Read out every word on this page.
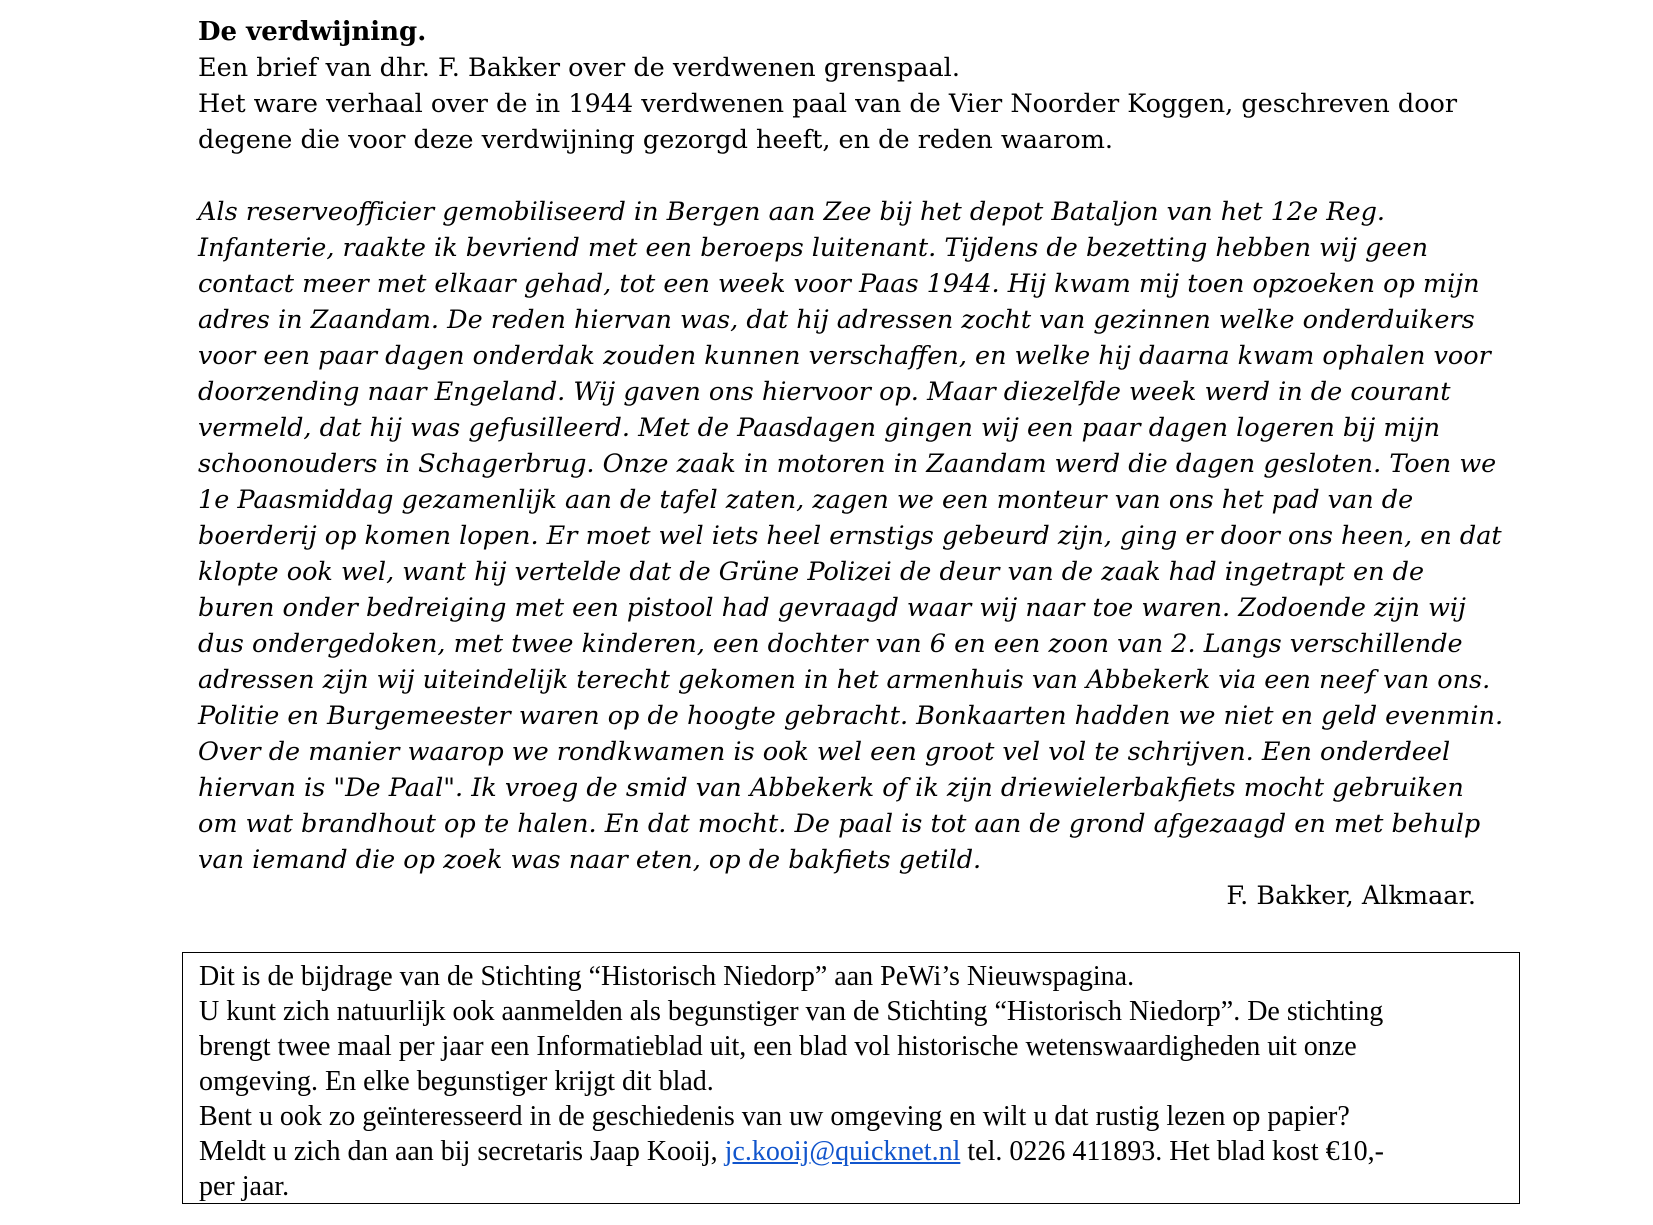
De verdwijning.

Een brief van dhr. F. Bakker over de verdwenen grenspaal.

Het ware verhaal over de in 1944 verdwenen paal van de Vier Noorder Koggen, geschreven door

degene die voor deze verdwijning gezorgd heeft, en de reden waarom.

Als reserveofficier gemobiliseerd in Bergen aan Zee bij het depot Bataljon van het 12e Reg.
Infanterie, raakte ik bevriend met een beroeps luitenant. Tijdens de bezetting hebben wij geen
contact meer met elkaar gehad, tot een week voor Paas 1944. Hij kwam mij toen opzoeken op mijn
adres in Zaandam. De reden hiervan was, dat hij adressen zocht van gezinnen welke onderduikers
voor een paar dagen onderdak zouden kunnen verschaffen, en welke hij daarna kwam ophalen voor
doorzending naar Engeland. Wij gaven ons hiervoor op. Maar diezelfde week werd in de courant
vermeld, dat hij was gefusilleerd. Met de Paasdagen gingen wij een paar dagen logeren bij mijn
schoonouders in Schagerbrug. Onze zaak in motoren in Zaandam werd die dagen gesloten. Toen we
1e Paasmiddag gezamenlijk aan de tafel zaten, zagen we een monteur van ons het pad van de
boerderij op komen lopen. Er moet wel iets heel ernstigs gebeurd zijn, ging er door ons heen, en dat
klopte ook wel, want hij vertelde dat de Grüne Polizei de deur van de zaak had ingetrapt en de
buren onder bedreiging met een pistool had gevraagd waar wij naar toe waren. Zodoende zijn wij
dus ondergedoken, met twee kinderen, een dochter van 6 en een zoon van 2. Langs verschillende
adressen zijn wij uiteindelijk terecht gekomen in het armenhuis van Abbekerk via een neef van ons.
Politie en Burgemeester waren op de hoogte gebracht. Bonkaarten hadden we niet en geld evenmin.
Over de manier waarop we rondkwamen is ook wel een groot vel vol te schrijven. Een onderdeel
hiervan is "De Paal". Ik vroeg de smid van Abbekerk of ik zijn driewielerbakfiets mocht gebruiken
om wat brandhout op te halen. En dat mocht. De paal is tot aan de grond afgezaagd en met behulp
van iemand die op zoek was naar eten, op de bakfiets getild.

F. Bakker, Alkmaar.

Dit is de bijdrage van de Stichting “Historisch Niedorp” aan PeWi’s Nieuwspagina.
U kunt zich natuurlijk ook aanmelden als begunstiger van de Stichting “Historisch Niedorp”. De stichting
brengt twee maal per jaar een Informatieblad uit, een blad vol historische wetenswaardigheden uit onze
omgeving. En elke begunstiger krijgt dit blad.
Bent u ook zo geïnteresseerd in de geschiedenis van uw omgeving en wilt u dat rustig lezen op papier?
Meldt u zich dan aan bij secretaris Jaap Kooij, jc.kooij@quicknet.nl tel. 0226 411893. Het blad kost €10,-
per jaar.
